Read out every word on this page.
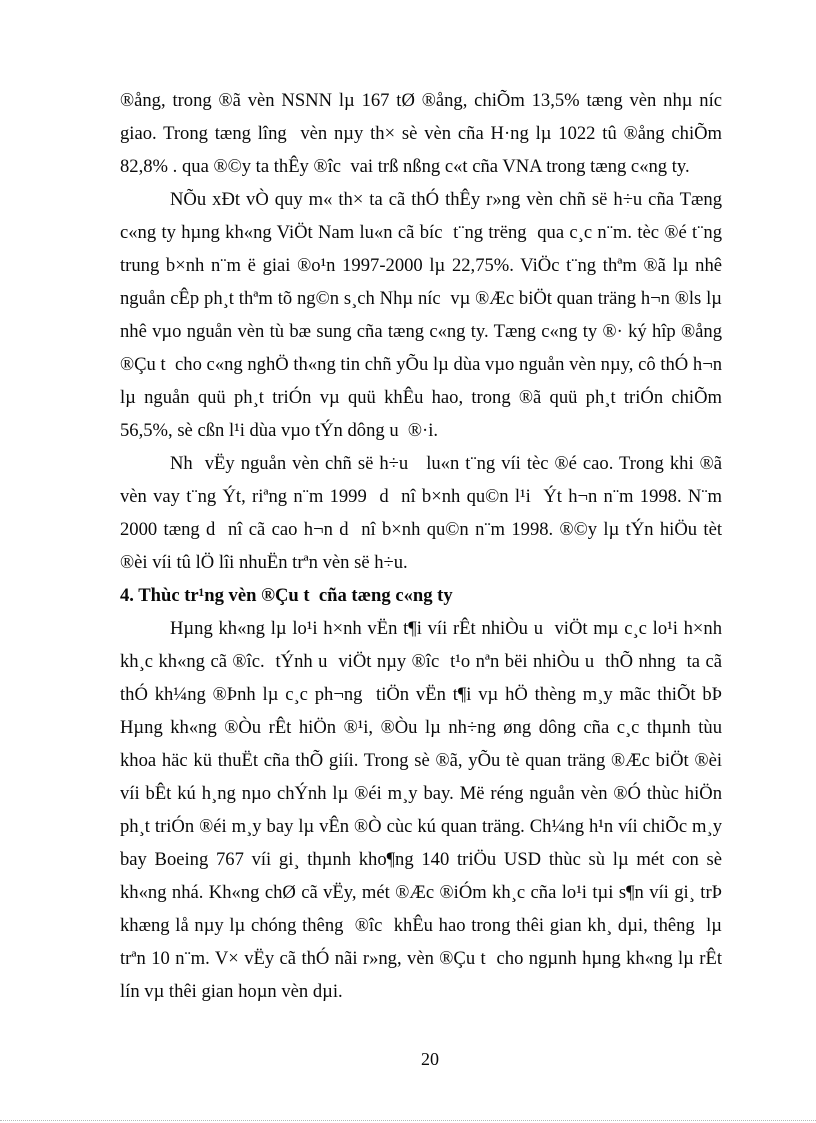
®ång, trong ®ã vèn NSNN lµ 167 tØ ®ång, chiÕm 13,5% tæng vèn nhµ níc giao. Trong tæng lîng  vèn nµy th× sè vèn cña H·ng lµ 1022 tû ®ång chiÕm 82,8% . qua ®©y ta thÊy ®îc  vai trß nßng c«t cña VNA trong tæng c«ng ty.

NÕu xÐt vÒ quy m« th× ta cã thÓ thÊy r»ng vèn chñ së h÷u cña Tæng c«ng ty hµng kh«ng ViÖt Nam lu«n cã bíc  t¨ng trëng  qua c¸c n¨m. tèc ®é t¨ng trung b×nh n¨m ë giai ®o¹n 1997-2000 lµ 22,75%. ViÖc t¨ng thªm ®ã lµ nhê nguån cÊp ph¸t thªm tõ ng©n s¸ch Nhµ níc  vµ ®Æc biÖt quan träng h¬n ®ls lµ nhê vµo nguån vèn tù bæ sung cña tæng c«ng ty. Tæng c«ng ty ®· ký hîp ®ång ®Çu t  cho c«ng nghÖ th«ng tin chñ yÕu lµ dùa vµo nguån vèn nµy, cô thÓ h¬n lµ nguån quü ph¸t triÓn vµ quü khÊu hao, trong ®ã quü ph¸t triÓn chiÕm 56,5%, sè cßn l¹i dùa vµo tÝn dông u  ®·i.

Nh  vËy nguån vèn chñ së h÷u   lu«n t¨ng víi tèc ®é cao. Trong khi ®ã vèn vay t¨ng Ýt, riªng n¨m 1999  d  nî b×nh qu©n l¹i  Ýt h¬n n¨m 1998. N¨m 2000 tæng d  nî cã cao h¬n d  nî b×nh qu©n n¨m 1998. ®©y lµ tÝn hiÖu tèt ®èi víi tû lÖ lîi nhuËn trªn vèn së h÷u.

4. Thùc tr¹ng vèn ®Çu t  cña tæng c«ng ty

Hµng kh«ng lµ lo¹i h×nh vËn t¶i víi rÊt nhiÒu u  viÖt mµ c¸c lo¹i h×nh kh¸c kh«ng cã ®îc.  tÝnh u  viÖt nµy ®îc  t¹o nªn bëi nhiÒu u  thÕ nhng  ta cã thÓ kh¼ng ®Þnh lµ c¸c ph¬ng  tiÖn vËn t¶i vµ hÖ thèng m¸y mãc thiÕt bÞ Hµng kh«ng ®Òu rÊt hiÖn ®¹i, ®Òu lµ nh÷ng øng dông cña c¸c thµnh tùu khoa häc kü thuËt cña thÕ giíi. Trong sè ®ã, yÕu tè quan träng ®Æc biÖt ®èi víi bÊt kú h¸ng nµo chÝnh lµ ®éi m¸y bay. Më réng nguån vèn ®Ó thùc hiÖn ph¸t triÓn ®éi m¸y bay lµ vÊn ®Ò cùc kú quan träng. Ch¼ng h¹n víi chiÕc m¸y bay Boeing 767 víi gi¸ thµnh kho¶ng 140 triÖu USD thùc sù lµ mét con sè kh«ng nhá. Kh«ng chØ cã vËy, mét ®Æc ®iÓm kh¸c cña lo¹i tµi s¶n víi gi¸ trÞ khæng lå nµy lµ chóng thêng  ®îc  khÊu hao trong thêi gian kh¸ dµi, thêng  lµ trªn 10 n¨m. V× vËy cã thÓ nãi r»ng, vèn ®Çu t  cho ngµnh hµng kh«ng lµ rÊt lín vµ thêi gian hoµn vèn dµi.

20
